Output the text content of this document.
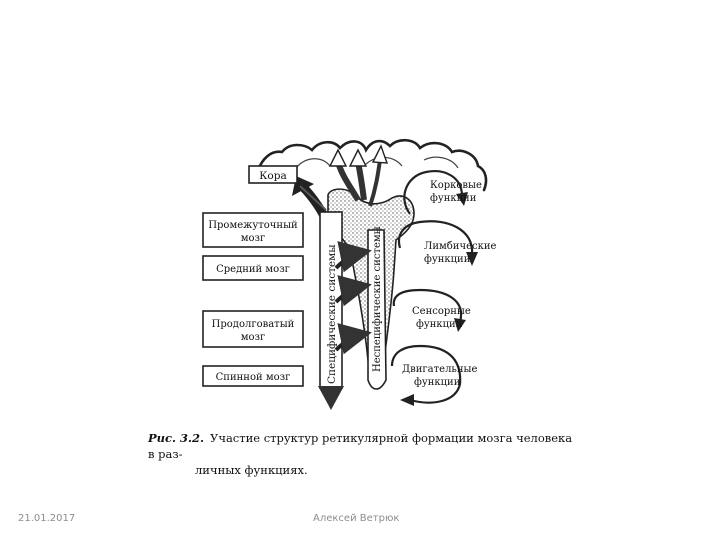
Кора
Промежуточный
мозг
Средний мозг
Продолговатый
мозг
Спинной мозг	Специфические системы	Неспецифические системы
Корковые
функции
Лимбические
функции
Сенсорные
функции
Двигательные
функции
Рис. 3.2. Участие структур ретикулярной формации мозга человека в раз-
личных функциях.
21.01.2017	Алексей Ветрюк
